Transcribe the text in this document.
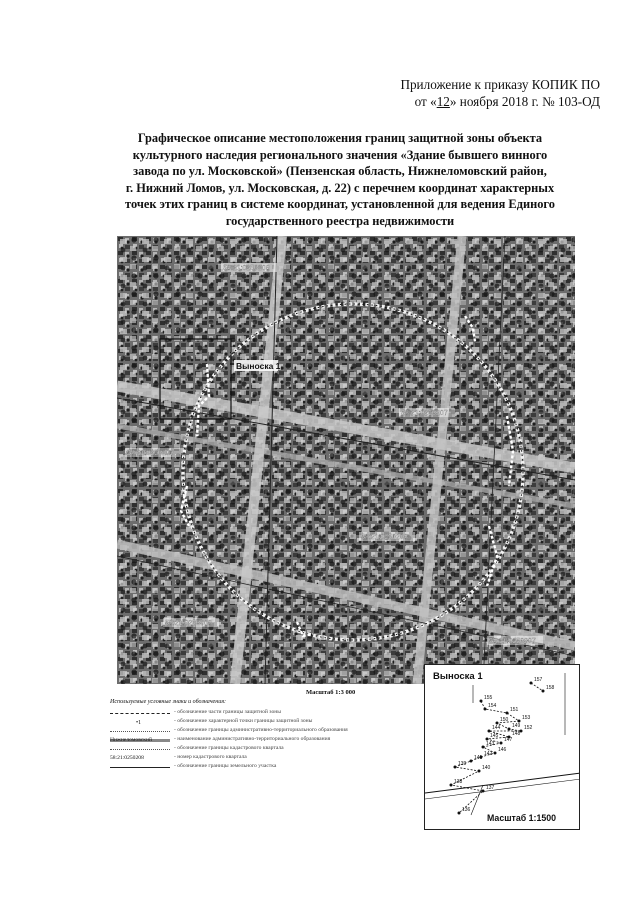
Приложение к приказу КОПИК ПО
от «12» ноября 2018 г. № 103-ОД
Графическое описание местоположения границ защитной зоны объекта
культурного наследия регионального значения «Здание бывшего винного
завода по ул. Московской» (Пензенская область, Нижнеломовский район,
г. Нижний Ломов, ул. Московская, д. 22) с перечнем координат характерных
точек этих границ в системе координат, установленной для ведения Единого
государственного реестра недвижимости
58:21:0250208
58:21:0250207
58:21:0250208
58:21:0250308
58:21:0250307
58:21:0250103
Выноска 1
Масштаб 1:3 000
Используемые условные знаки и обозначения:
- обозначение части границы защитной зоны
•1	- обозначение характерной точки границы защитной зоны
- обозначение границы административно-территориального образования
Нижнеломовский	- наименование административно-территориального образования
- обозначение границы кадастрового квартала
58:21:0250208	- номер кадастрового квартала
- обозначение границы земельного участка
Выноска 1	157
158
155
154
151
153
150
149 152
144
148
145
147
143
146
142
141
139
140
138
137
136
Масштаб 1:1500
